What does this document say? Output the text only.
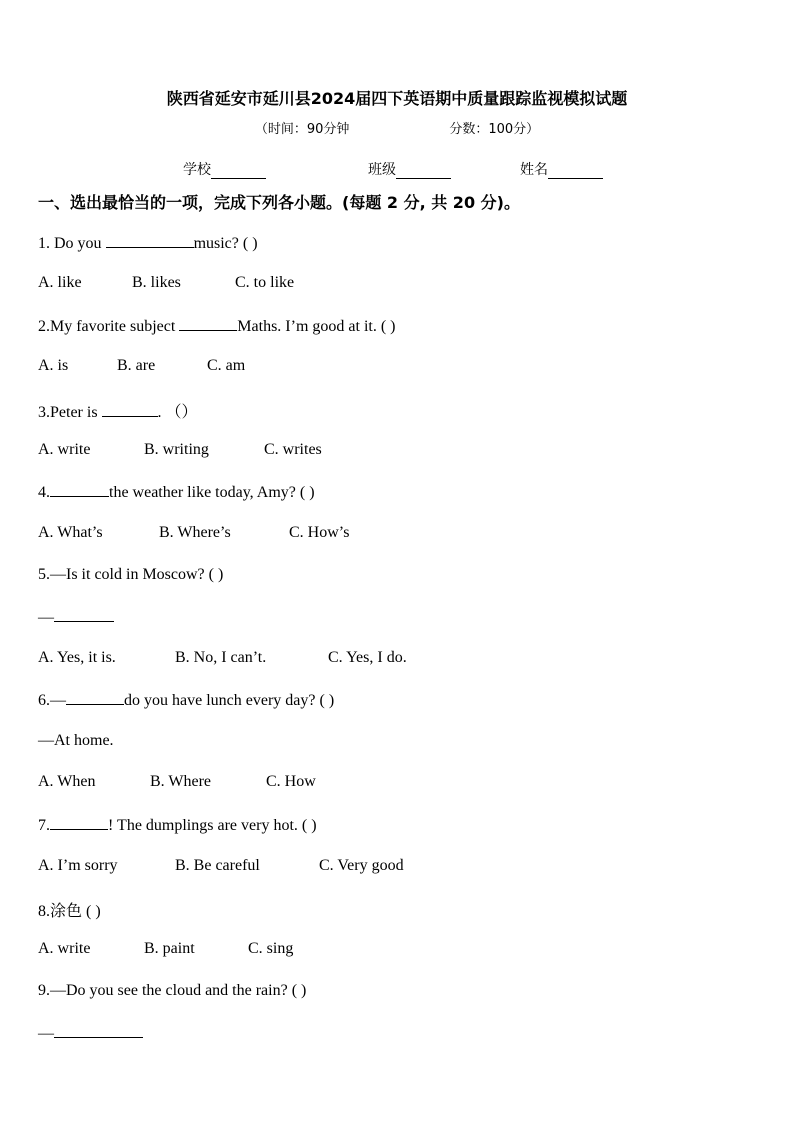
陕西省延安市延川县2024届四下英语期中质量跟踪监视模拟试题
（时间：90分钟	分数：100分）
学校	班级	姓名
一、选出最恰当的一项，完成下列各小题。(每题 2 分, 共 20 分)。
1. Do you	music? ( )
A. like	B. likes	C. to like
2.My favorite subject	Maths. I’m good at it. ( )
A. is	B. are	C. am
3.Peter is	. （）
A. write	B. writing	C. writes
4.	the weather like today, Amy? ( )
A. What’s	B. Where’s	C. How’s
5.—Is it cold in Moscow? ( )
—
A. Yes, it is.	B. No, I can’t.	C. Yes, I do.
6.—	do you have lunch every day? ( )
—At home.
A. When	B. Where	C. How
7.	! The dumplings are very hot. ( )
A. I’m sorry	B. Be careful	C. Very good
8.涂色 ( )
A. write	B. paint	C. sing
9.—Do you see the cloud and the rain? ( )
—
